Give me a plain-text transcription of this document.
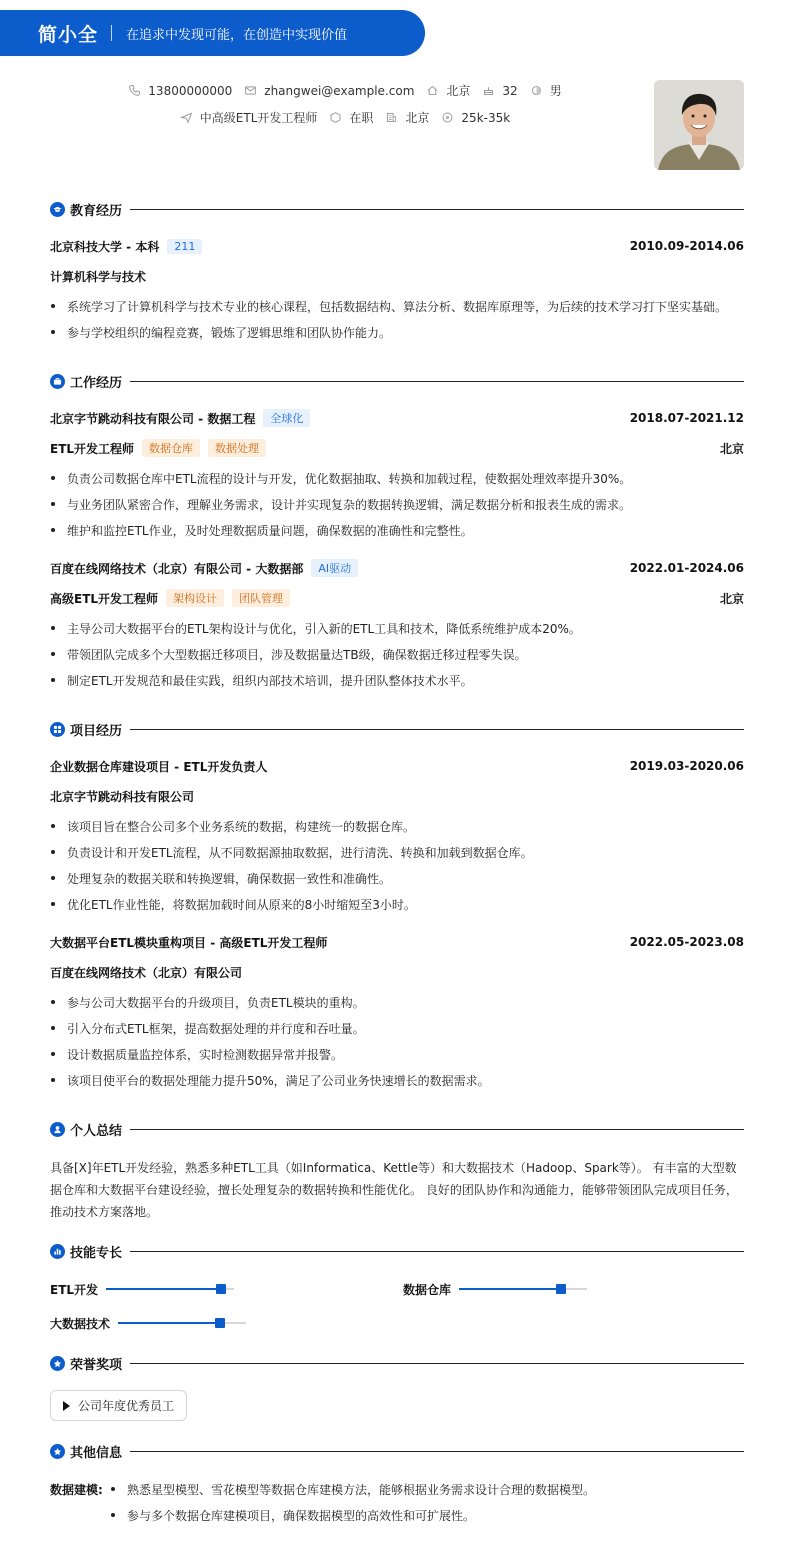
简小全 在追求中发现可能，在创造中实现价值
13800000000	zhangwei@example.com	北京	32	男
中高级ETL开发工程师	在职	北京	25k-35k
教育经历
北京科技大学 - 本科	211	2010.09-2014.06
计算机科学与技术
系统学习了计算机科学与技术专业的核心课程，包括数据结构、算法分析、数据库原理等，为后续的技术学习打下坚实基础。
参与学校组织的编程竞赛，锻炼了逻辑思维和团队协作能力。
工作经历
北京字节跳动科技有限公司 - 数据工程	全球化	2018.07-2021.12
ETL开发工程师	数据仓库	数据处理	北京
负责公司数据仓库中ETL流程的设计与开发，优化数据抽取、转换和加载过程，使数据处理效率提升30%。
与业务团队紧密合作，理解业务需求，设计并实现复杂的数据转换逻辑，满足数据分析和报表生成的需求。
维护和监控ETL作业，及时处理数据质量问题，确保数据的准确性和完整性。
百度在线网络技术（北京）有限公司 - 大数据部	AI驱动	2022.01-2024.06
高级ETL开发工程师	架构设计	团队管理	北京
主导公司大数据平台的ETL架构设计与优化，引入新的ETL工具和技术，降低系统维护成本20%。
带领团队完成多个大型数据迁移项目，涉及数据量达TB级，确保数据迁移过程零失误。
制定ETL开发规范和最佳实践，组织内部技术培训，提升团队整体技术水平。
项目经历
企业数据仓库建设项目 - ETL开发负责人	2019.03-2020.06
北京字节跳动科技有限公司
该项目旨在整合公司多个业务系统的数据，构建统一的数据仓库。
负责设计和开发ETL流程，从不同数据源抽取数据，进行清洗、转换和加载到数据仓库。
处理复杂的数据关联和转换逻辑，确保数据一致性和准确性。
优化ETL作业性能，将数据加载时间从原来的8小时缩短至3小时。
大数据平台ETL模块重构项目 - 高级ETL开发工程师	2022.05-2023.08
百度在线网络技术（北京）有限公司
参与公司大数据平台的升级项目，负责ETL模块的重构。
引入分布式ETL框架，提高数据处理的并行度和吞吐量。
设计数据质量监控体系，实时检测数据异常并报警。
该项目使平台的数据处理能力提升50%，满足了公司业务快速增长的数据需求。
个人总结
具备[X]年ETL开发经验，熟悉多种ETL工具（如Informatica、Kettle等）和大数据技术（Hadoop、Spark等）。 有丰富的大型数据仓库和大数据平台建设经验，擅长处理复杂的数据转换和性能优化。 良好的团队协作和沟通能力，能够带领团队完成项目任务，推动技术方案落地。
技能专长
ETL开发	数据仓库
大数据技术
荣誉奖项
公司年度优秀员工
其他信息
数据建模:	熟悉星型模型、雪花模型等数据仓库建模方法，能够根据业务需求设计合理的数据模型。
参与多个数据仓库建模项目，确保数据模型的高效性和可扩展性。
